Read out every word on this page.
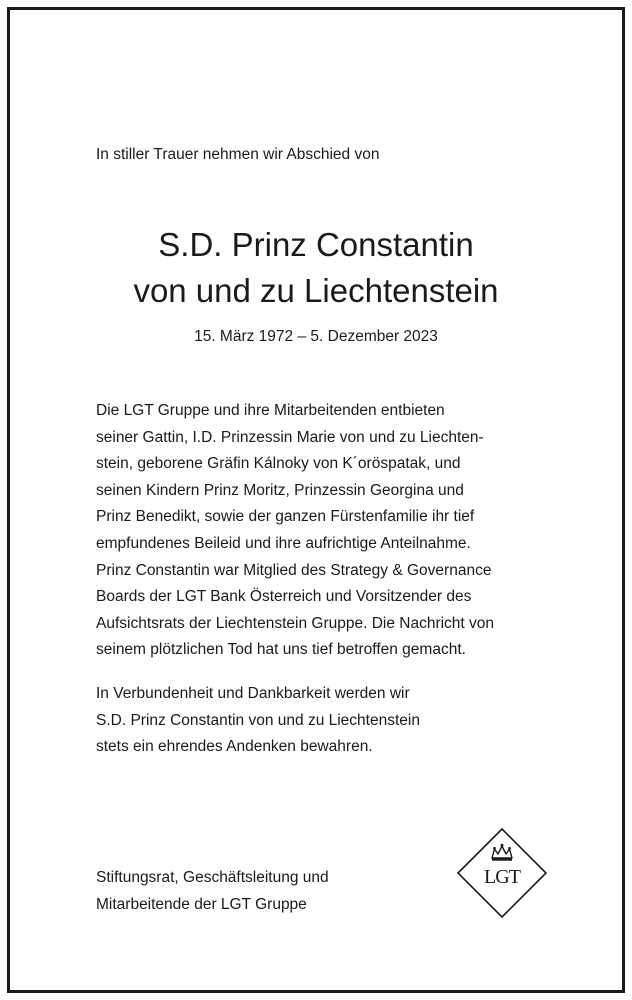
In stiller Trauer nehmen wir Abschied von

S.D. Prinz Constantin
von und zu Liechtenstein
15. März 1972 – 5. Dezember 2023

Die LGT Gruppe und ihre Mitarbeitenden entbieten
seiner Gattin, I.D. Prinzessin Marie von und zu Liechten-
stein, geborene Gräfin Kálnoky von K´oröspatak, und
seinen Kindern Prinz Moritz, Prinzessin Georgina und
Prinz Benedikt, sowie der ganzen Fürstenfamilie ihr tief
empfundenes Beileid und ihre aufrichtige Anteilnahme.
Prinz Constantin war Mitglied des Strategy & Governance
Boards der LGT Bank Österreich und Vorsitzender des
Aufsichtsrats der Liechtenstein Gruppe. Die Nachricht von
seinem plötzlichen Tod hat uns tief betroffen gemacht.

In Verbundenheit und Dankbarkeit werden wir
S.D. Prinz Constantin von und zu Liechtenstein
stets ein ehrendes Andenken bewahren.

Stiftungsrat, Geschäftsleitung und
Mitarbeitende der LGT Gruppe

LGT
